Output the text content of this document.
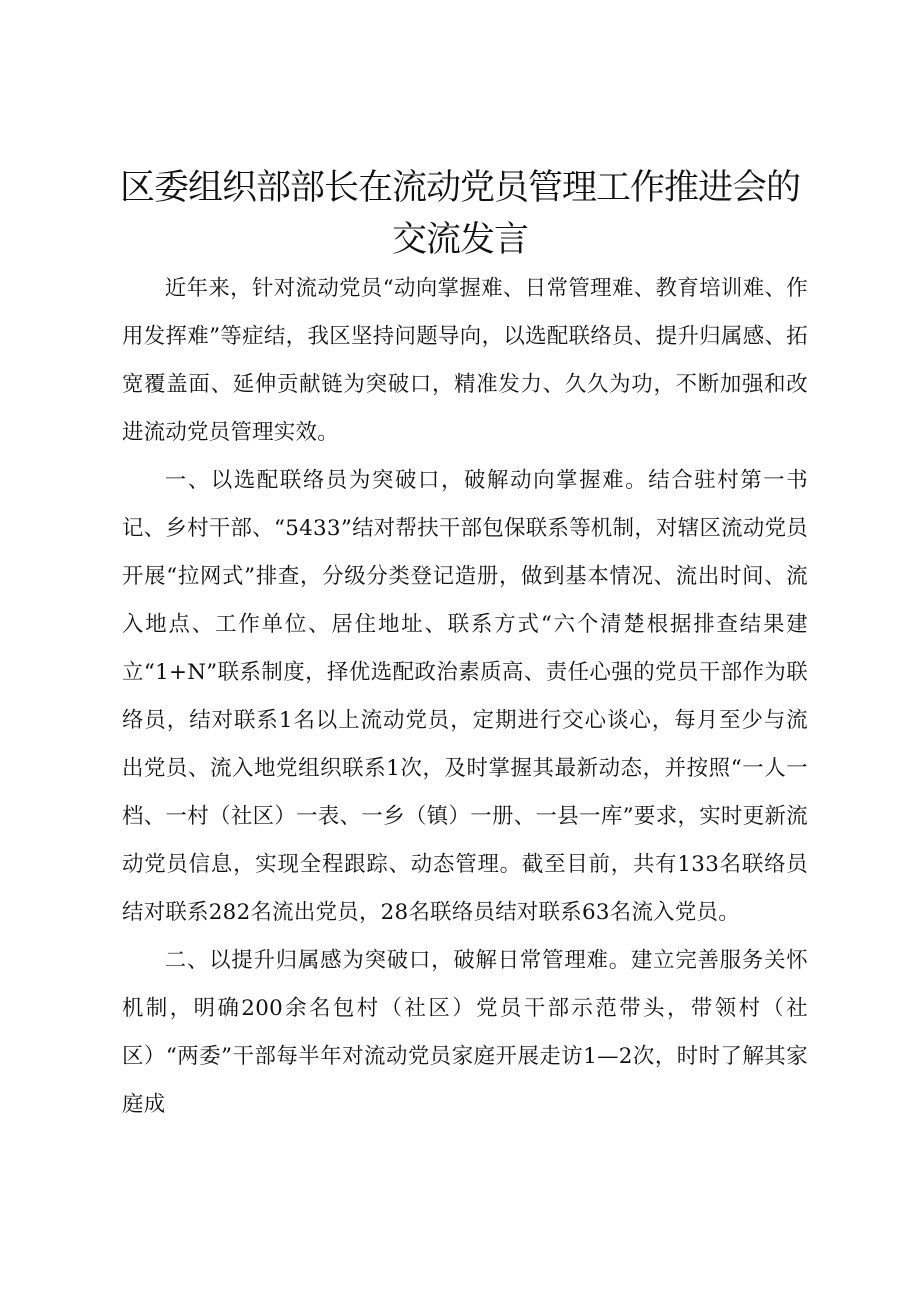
区委组织部部长在流动党员管理工作推进会的
交流发言

近年来，针对流动党员“动向掌握难、日常管理难、教育培训难、作用发挥难”等症结，我区坚持问题导向，以选配联络员、提升归属感、拓宽覆盖面、延伸贡献链为突破口，精准发力、久久为功，不断加强和改进流动党员管理实效。

一、以选配联络员为突破口，破解动向掌握难。结合驻村第一书记、乡村干部、“5433”结对帮扶干部包保联系等机制，对辖区流动党员开展“拉网式”排查，分级分类登记造册，做到基本情况、流出时间、流入地点、工作单位、居住地址、联系方式“六个清楚根据排查结果建立“1+N”联系制度，择优选配政治素质高、责任心强的党员干部作为联络员，结对联系1名以上流动党员，定期进行交心谈心，每月至少与流出党员、流入地党组织联系1次，及时掌握其最新动态，并按照“一人一档、一村（社区）一表、一乡（镇）一册、一县一库”要求，实时更新流动党员信息，实现全程跟踪、动态管理。截至目前，共有133名联络员结对联系282名流出党员，28名联络员结对联系63名流入党员。

二、以提升归属感为突破口，破解日常管理难。建立完善服务关怀机制，明确200余名包村（社区）党员干部示范带头，带领村（社区）“两委”干部每半年对流动党员家庭开展走访1—2次，时时了解其家庭成
